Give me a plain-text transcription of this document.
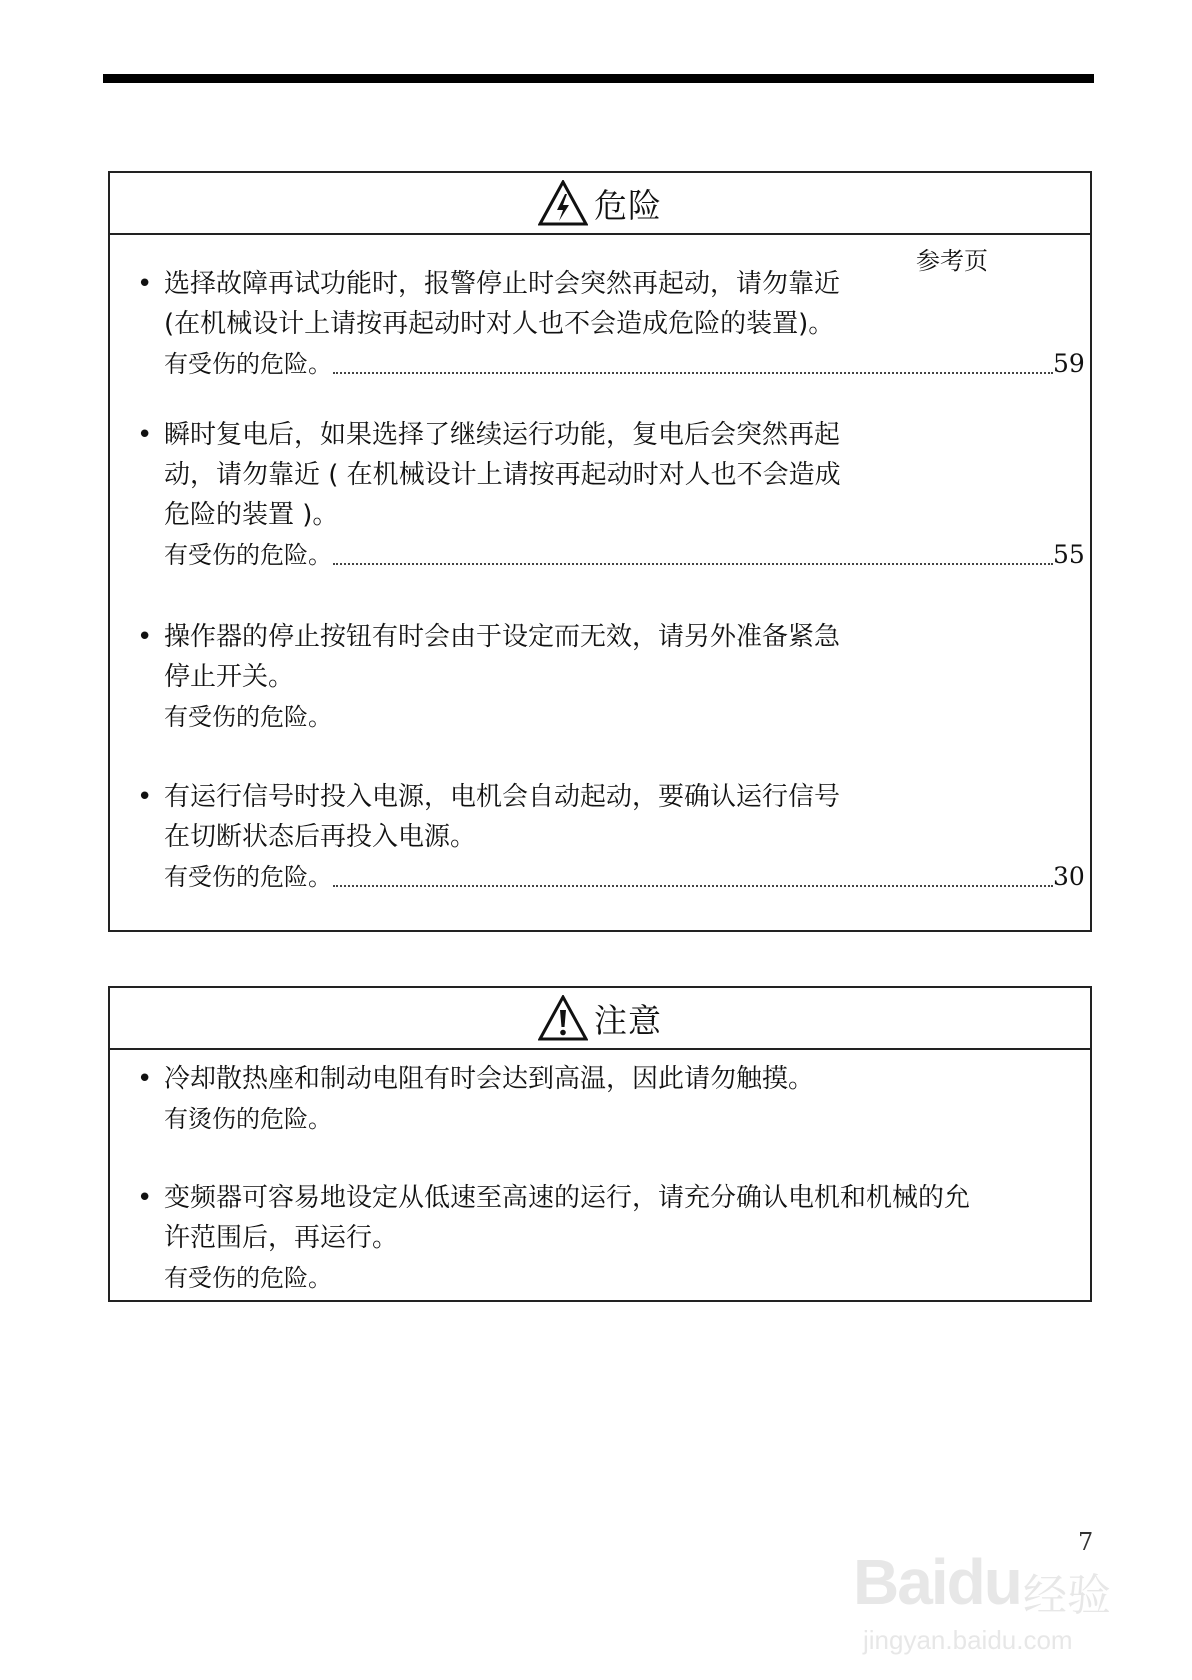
危险
参考页
• 选择故障再试功能时，报警停止时会突然再起动，请勿靠近
(在机械设计上请按再起动时对人也不会造成危险的装置)。
有受伤的危险。	59
• 瞬时复电后，如果选择了继续运行功能，复电后会突然再起
动，请勿靠近 ( 在机械设计上请按再起动时对人也不会造成
危险的装置 )。
有受伤的危险。	55
• 操作器的停止按钮有时会由于设定而无效，请另外准备紧急
停止开关。
有受伤的危险。
• 有运行信号时投入电源，电机会自动起动，要确认运行信号
在切断状态后再投入电源。
有受伤的危险。	30
注意
• 冷却散热座和制动电阻有时会达到高温，因此请勿触摸。
有烫伤的危险。
• 变频器可容易地设定从低速至高速的运行，请充分确认电机和机械的允
许范围后，再运行。
有受伤的危险。
7
Baidu 经验
jingyan.baidu.com
